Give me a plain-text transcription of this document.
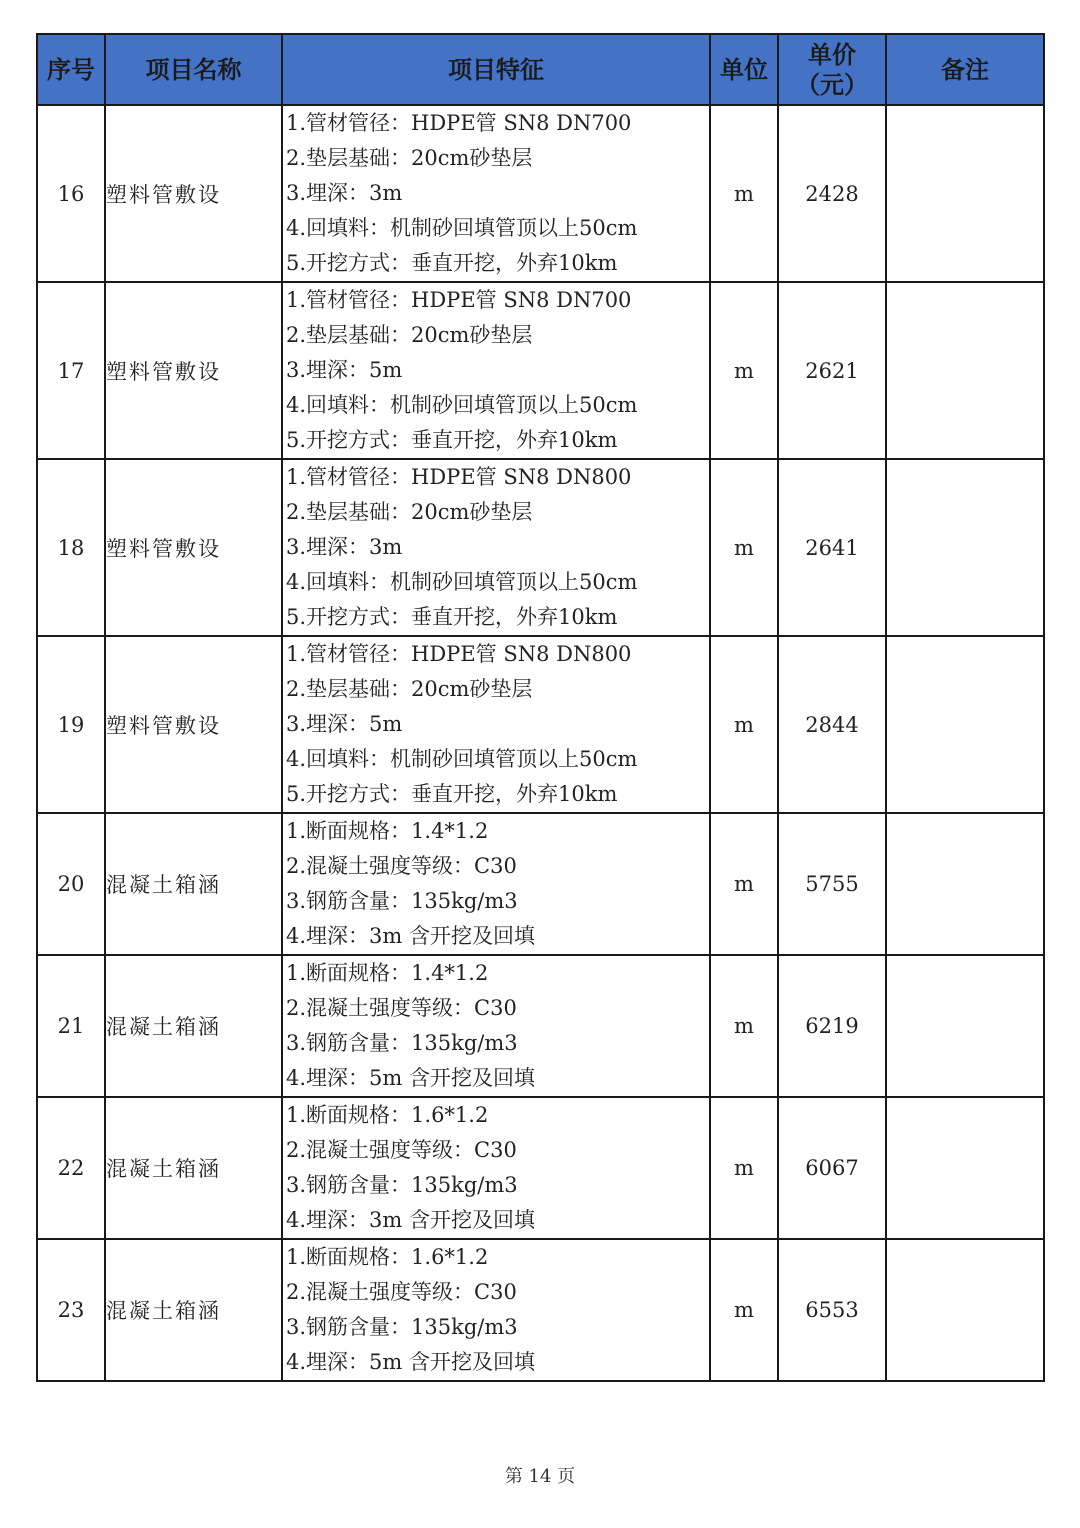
序号	项目名称	项目特征	单位	单价（元）	备注
16	塑料管敷设	1.管材管径：HDPE管 SN8 DN700
2.垫层基础：20cm砂垫层
3.埋深：3m
4.回填料：机制砂回填管顶以上50cm
5.开挖方式：垂直开挖，外弃10km	m	2428	
17	塑料管敷设	1.管材管径：HDPE管 SN8 DN700
2.垫层基础：20cm砂垫层
3.埋深：5m
4.回填料：机制砂回填管顶以上50cm
5.开挖方式：垂直开挖，外弃10km	m	2621	
18	塑料管敷设	1.管材管径：HDPE管 SN8 DN800
2.垫层基础：20cm砂垫层
3.埋深：3m
4.回填料：机制砂回填管顶以上50cm
5.开挖方式：垂直开挖，外弃10km	m	2641	
19	塑料管敷设	1.管材管径：HDPE管 SN8 DN800
2.垫层基础：20cm砂垫层
3.埋深：5m
4.回填料：机制砂回填管顶以上50cm
5.开挖方式：垂直开挖，外弃10km	m	2844	
20	混凝土箱涵	1.断面规格：1.4*1.2
2.混凝土强度等级：C30
3.钢筋含量：135kg/m3
4.埋深：3m 含开挖及回填	m	5755	
21	混凝土箱涵	1.断面规格：1.4*1.2
2.混凝土强度等级：C30
3.钢筋含量：135kg/m3
4.埋深：5m 含开挖及回填	m	6219	
22	混凝土箱涵	1.断面规格：1.6*1.2
2.混凝土强度等级：C30
3.钢筋含量：135kg/m3
4.埋深：3m 含开挖及回填	m	6067	
23	混凝土箱涵	1.断面规格：1.6*1.2
2.混凝土强度等级：C30
3.钢筋含量：135kg/m3
4.埋深：5m 含开挖及回填	m	6553	
第 14 页
